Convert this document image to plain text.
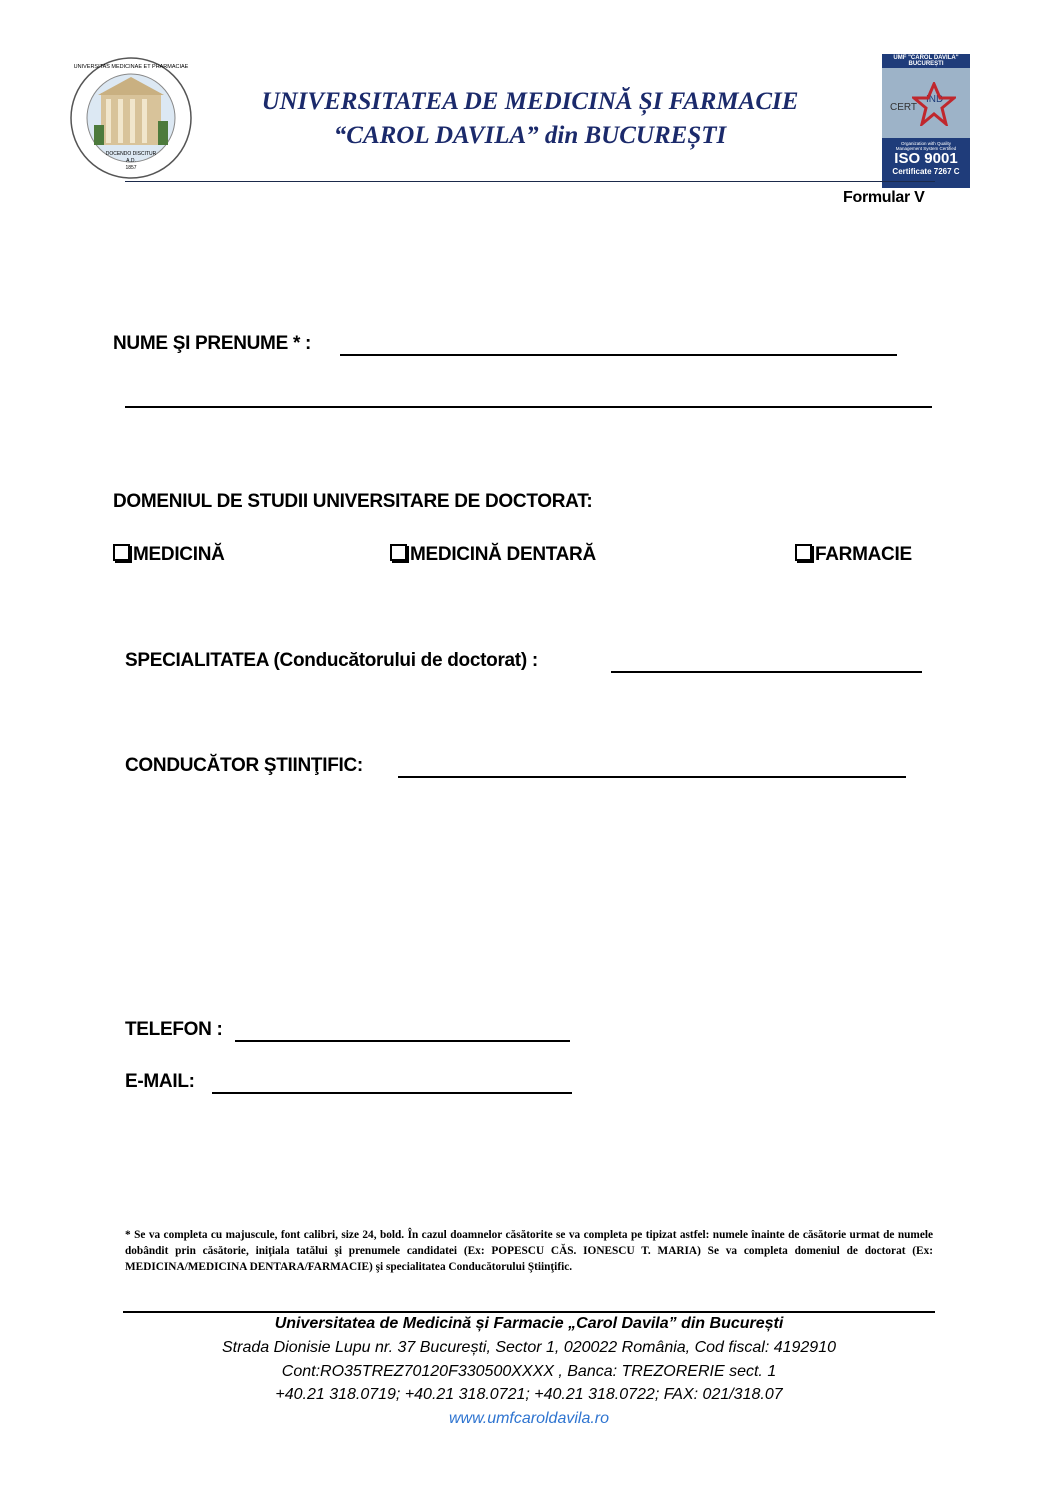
DOCENDO DISCITUR
A.D.
1857
UNIVERSITAS MEDICINAE ET PHARMACIAE
UNIVERSITATEA DE MEDICINĂ ȘI FARMACIE
“CAROL DAVILA” din BUCUREȘTI
UMF "CAROL DAVILA" BUCUREȘTI
CERT
IND
Organization with Quality Management System Certified
ISO 9001
Certificate 7267 C
Formular V
NUME ŞI PRENUME * :
DOMENIUL DE STUDII UNIVERSITARE DE DOCTORAT:
MEDICINĂ	MEDICINĂ DENTARĂ	FARMACIE
SPECIALITATEA (Conducătorului de doctorat) :
CONDUCĂTOR ŞTIINŢIFIC:
TELEFON :
E-MAIL:
* Se va completa cu majuscule, font calibri, size 24, bold. În cazul doamnelor căsătorite se va completa pe tipizat astfel: numele înainte de căsătorie urmat de numele dobândit prin căsătorie, iniţiala tatălui şi prenumele candidatei (Ex: POPESCU CĂS. IONESCU T. MARIA) Se va completa domeniul de doctorat (Ex: MEDICINA/MEDICINA DENTARA/FARMACIE) şi specialitatea Conducătorului Ştiinţific.
Universitatea de Medicină și Farmacie „Carol Davila” din București
Strada Dionisie Lupu nr. 37 București, Sector 1, 020022 România, Cod fiscal: 4192910
Cont:RO35TREZ70120F330500XXXX , Banca: TREZORERIE sect. 1
+40.21 318.0719; +40.21 318.0721; +40.21 318.0722; FAX: 021/318.07
www.umfcaroldavila.ro
